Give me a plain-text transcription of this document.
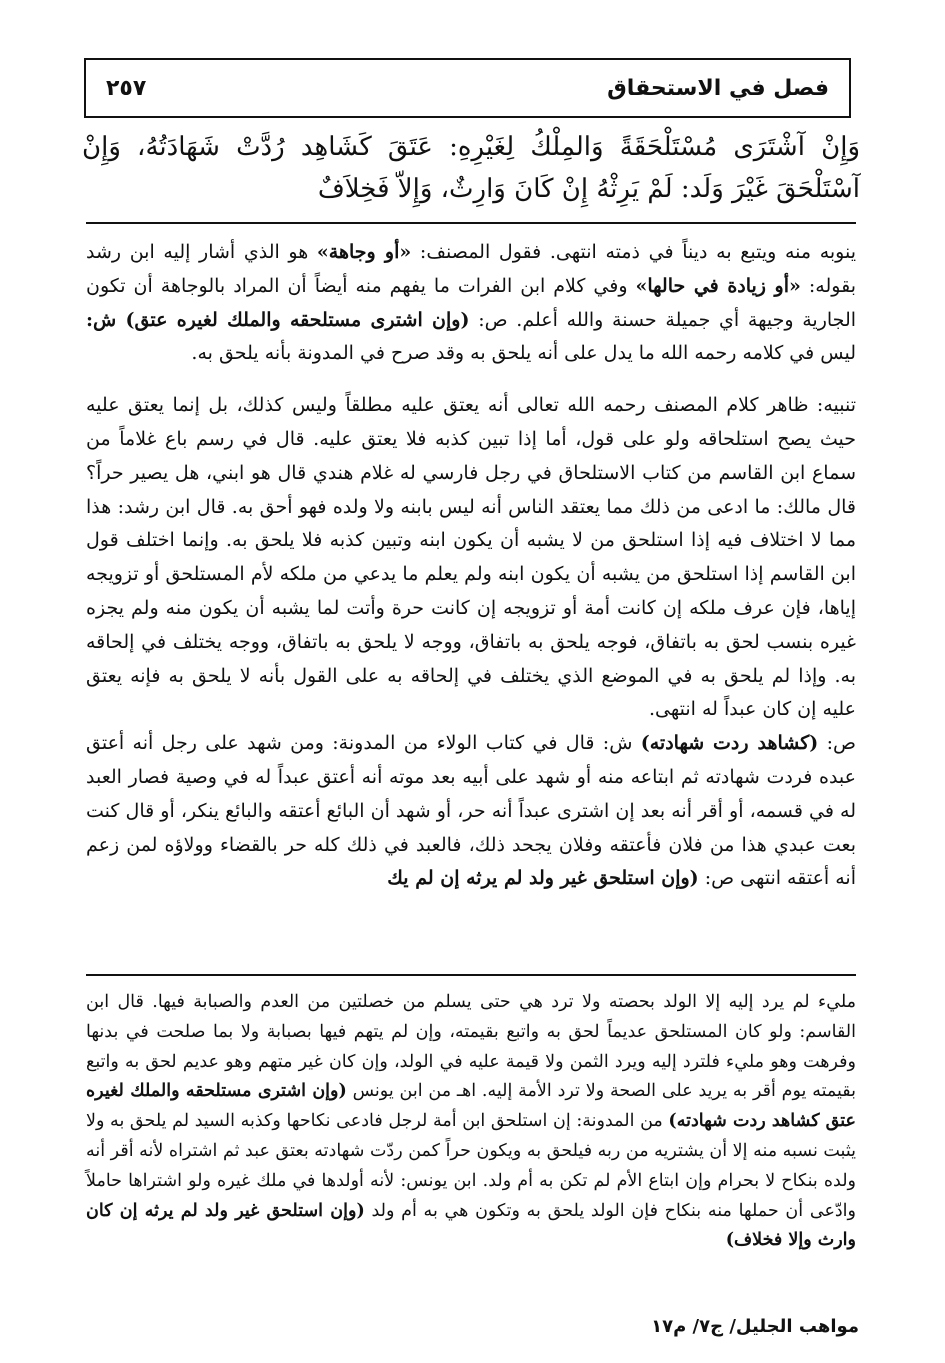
فصل في الاستحقاق
٢٥٧

وَإِنْ آشْتَرَى مُسْتَلْحَقَةً وَالمِلْكُ لِغَيْرِهِ: عَتَقَ كَشَاهِد رُدَّتْ شَهَادَتُهُ، وَإِنْ آسْتَلْحَقَ غَيْرَ وَلَد: لَمْ يَرِثْهُ إِنْ كَانَ وَارِثٌ، وَإِلاّ فَخِلاَفٌ

ينوبه منه ويتبع به ديناً في ذمته انتهى. فقول المصنف: «أو وجاهة» هو الذي أشار إليه ابن رشد بقوله: «أو زيادة في حالها» وفي كلام ابن الفرات ما يفهم منه أيضاً أن المراد بالوجاهة أن تكون الجارية وجيهة أي جميلة حسنة والله أعلم. ص: (وإن اشترى مستلحقه والملك لغيره عتق) ش: ليس في كلامه رحمه الله ما يدل على أنه يلحق به وقد صرح في المدونة بأنه يلحق به.

تنبيه: ظاهر كلام المصنف رحمه الله تعالى أنه يعتق عليه مطلقاً وليس كذلك، بل إنما يعتق عليه حيث يصح استلحاقه ولو على قول، أما إذا تبين كذبه فلا يعتق عليه. قال في رسم باع غلاماً من سماع ابن القاسم من كتاب الاستلحاق في رجل فارسي له غلام هندي قال هو ابني، هل يصير حراً؟ قال مالك: ما ادعى من ذلك مما يعتقد الناس أنه ليس بابنه ولا ولده فهو أحق به. قال ابن رشد: هذا مما لا اختلاف فيه إذا استلحق من لا يشبه أن يكون ابنه وتبين كذبه فلا يلحق به. وإنما اختلف قول ابن القاسم إذا استلحق من يشبه أن يكون ابنه ولم يعلم ما يدعي من ملكه لأم المستلحق أو تزويجه إياها، فإن عرف ملكه إن كانت أمة أو تزويجه إن كانت حرة وأتت لما يشبه أن يكون منه ولم يجزه غيره بنسب لحق به باتفاق، فوجه يلحق به باتفاق، ووجه لا يلحق به باتفاق، ووجه يختلف في إلحاقه به. وإذا لم يلحق به في الموضع الذي يختلف في إلحاقه به على القول بأنه لا يلحق به فإنه يعتق عليه إن كان عبداً له انتهى.

ص: (كشاهد ردت شهادته) ش: قال في كتاب الولاء من المدونة: ومن شهد على رجل أنه أعتق عبده فردت شهادته ثم ابتاعه منه أو شهد على أبيه بعد موته أنه أعتق عبداً له في وصية فصار العبد له في قسمه، أو أقر أنه بعد إن اشترى عبداً أنه حر، أو شهد أن البائع أعتقه والبائع ينكر، أو قال كنت بعت عبدي هذا من فلان فأعتقه وفلان يجحد ذلك، فالعبد في ذلك كله حر بالقضاء وولاؤه لمن زعم أنه أعتقه انتهى ص: (وإن استلحق غير ولد لم يرثه إن لم يك

مليء لم يرد إليه إلا الولد بحصته ولا ترد هي حتى يسلم من خصلتين من العدم والصبابة فيها. قال ابن القاسم: ولو كان المستلحق عديماً لحق به واتبع بقيمته، وإن لم يتهم فيها بصبابة ولا بما صلحت في بدنها وفرهت وهو مليء فلترد إليه ويرد الثمن ولا قيمة عليه في الولد، وإن كان غير متهم وهو عديم لحق به واتبع بقيمته يوم أقر به يريد على الصحة ولا ترد الأمة إليه. اهـ من ابن يونس (وإن اشترى مستلحقه والملك لغيره عتق كشاهد ردت شهادته) من المدونة: إن استلحق ابن أمة لرجل فادعى نكاحها وكذبه السيد لم يلحق به ولا يثبت نسبه منه إلا أن يشتريه من ربه فيلحق به ويكون حراً كمن ردّت شهادته بعتق عبد ثم اشتراه لأنه أقر أنه ولده بنكاح لا بحرام وإن ابتاع الأم لم تكن به أم ولد. ابن يونس: لأنه أولدها في ملك غيره ولو اشتراها حاملاً وادّعى أن حملها منه بنكاح فإن الولد يلحق به وتكون هي به أم ولد (وإن استلحق غير ولد لم يرثه إن كان وارث وإلا فخلاف)

مواهب الجليل/ ج٧/ م١٧
